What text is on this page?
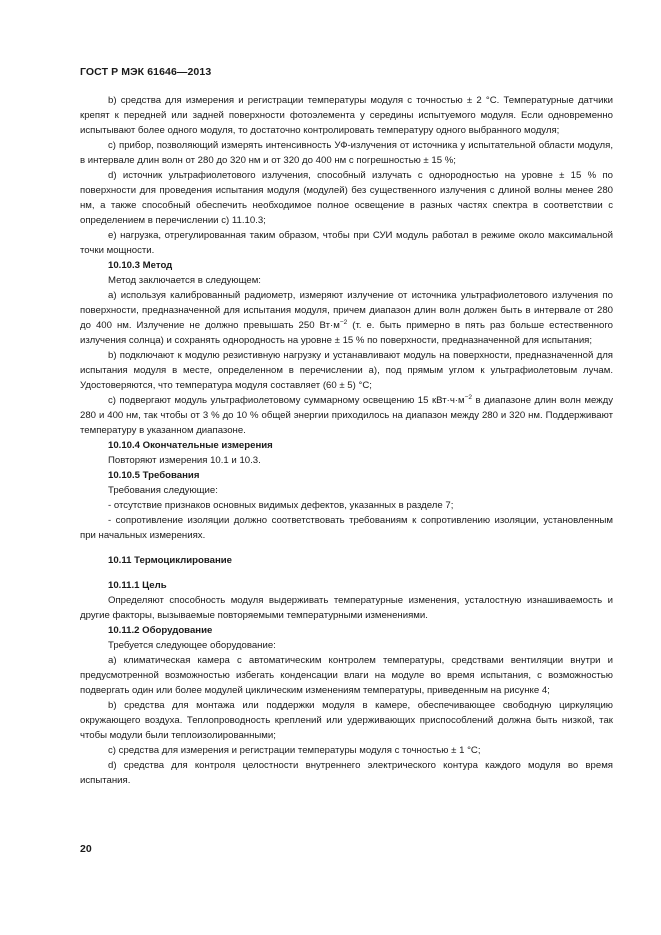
ГОСТ Р МЭК 61646—2013

b) средства для измерения и регистрации температуры модуля с точностью ± 2 °С. Температурные датчики крепят к передней или задней поверхности фотоэлемента у середины испытуемого модуля. Если одновременно испытывают более одного модуля, то достаточно контролировать температуру одного выбранного модуля;

с) прибор, позволяющий измерять интенсивность УФ-излучения от источника у испытательной области модуля, в интервале длин волн от 280 до 320 нм и от 320 до 400 нм с погрешностью ± 15 %;

d) источник ультрафиолетового излучения, способный излучать с однородностью на уровне ± 15 % по поверхности для проведения испытания модуля (модулей) без существенного излучения с длиной волны менее 280 нм, а также способный обеспечить необходимое полное освещение в разных частях спектра в соответствии с определением в перечислении с) 11.10.3;

е) нагрузка, отрегулированная таким образом, чтобы при СУИ модуль работал в режиме около максимальной точки мощности.

10.10.3 Метод

Метод заключается в следующем:

а) используя калиброванный радиометр, измеряют излучение от источника ультрафиолетового излучения по поверхности, предназначенной для испытания модуля, причем диапазон длин волн должен быть в интервале от 280 до 400 нм. Излучение не должно превышать 250 $Вт\cdot м^{-2}$ (т. е. быть примерно в пять раз больше естественного излучения солнца) и сохранять однородность на уровне ± 15 % по поверхности, предназначенной для испытания;

b) подключают к модулю резистивную нагрузку и устанавливают модуль на поверхности, предназначенной для испытания модуля в месте, определенном в перечислении а), под прямым углом к ультрафиолетовым лучам. Удостоверяются, что температура модуля составляет (60 ± 5) °С;

с) подвергают модуль ультрафиолетовому суммарному освещению 15 $кВт\cdot ч\cdot м^{-2}$ в диапазоне длин волн между 280 и 400 нм, так чтобы от 3 % до 10 % общей энергии приходилось на диапазон между 280 и 320 нм. Поддерживают температуру в указанном диапазоне.

10.10.4 Окончательные измерения

Повторяют измерения 10.1 и 10.3.

10.10.5 Требования

Требования следующие:

- отсутствие признаков основных видимых дефектов, указанных в разделе 7;

- сопротивление изоляции должно соответствовать требованиям к сопротивлению изоляции, установленным при начальных измерениях.

10.11 Термоциклирование

10.11.1 Цель

Определяют способность модуля выдерживать температурные изменения, усталостную изнашиваемость и другие факторы, вызываемые повторяемыми температурными изменениями.

10.11.2 Оборудование

Требуется следующее оборудование:

а) климатическая камера с автоматическим контролем температуры, средствами вентиляции внутри и предусмотренной возможностью избегать конденсации влаги на модуле во время испытания, с возможностью подвергать один или более модулей циклическим изменениям температуры, приведенным на рисунке 4;

b) средства для монтажа или поддержки модуля в камере, обеспечивающее свободную циркуляцию окружающего воздуха. Теплопроводность креплений или удерживающих приспособлений должна быть низкой, так чтобы модули были теплоизолированными;

с) средства для измерения и регистрации температуры модуля с точностью ± 1 °С;

d) средства для контроля целостности внутреннего электрического контура каждого модуля во время испытания.

20
